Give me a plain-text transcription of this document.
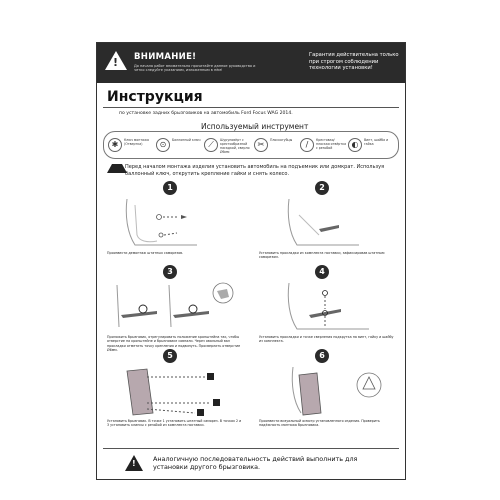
! ВНИМАНИЕ!
До начала работ внимательно прочитайте данное руководство и четко следуйте указаниям, изложенным в нём!
Гарантия действительна только при строгом соблюдении технологии установки!
Инструкция
по установке задних брызговиков на автомобиль Ford Focus WAG 2014.
Используемый инструмент
✱	Ключ монтажа (Отвертка)	⊙	Баллонный ключ ⟋	Шуруповёрт с крестообразной насадкой, сверло Ø6мм
✂	Плоскогубцы	/	Крестовая/плоская отвёртка с резьбой	◐	Винт, шайба и гайка
Перед началом монтажа изделия установить автомобиль на подъемник или домкрат. Используя баллонный ключ, открутить крепление гайки и снять колесо.
1
Произвести демонтаж штатных саморезов.
2
Установить прокладки из комплекта поставки, зафиксировав штатным саморезом.
3
Приложить брызговик, отрегулировать положение кронштейна так, чтобы отверстие на кронштейне и брызговике совпали. Через овальный вал прокладки отметить точку крепления и подвинуть. Просверлить отверстие Ø6мм.
4
Установить прокладки и точке сверления подкрутка на винт, гайку и шайбу из комплекта.
5
Установить брызговик. В точке 1 установить штатный саморез. В точках 2 и 3 установить клипсы с резьбой из комплекта поставки.
6
Произвести визуальный осмотр установленного изделия. Проверить надёжность монтажа брызговика.
!	Аналогичную последовательность действий выполнить для установки другого брызговика.
